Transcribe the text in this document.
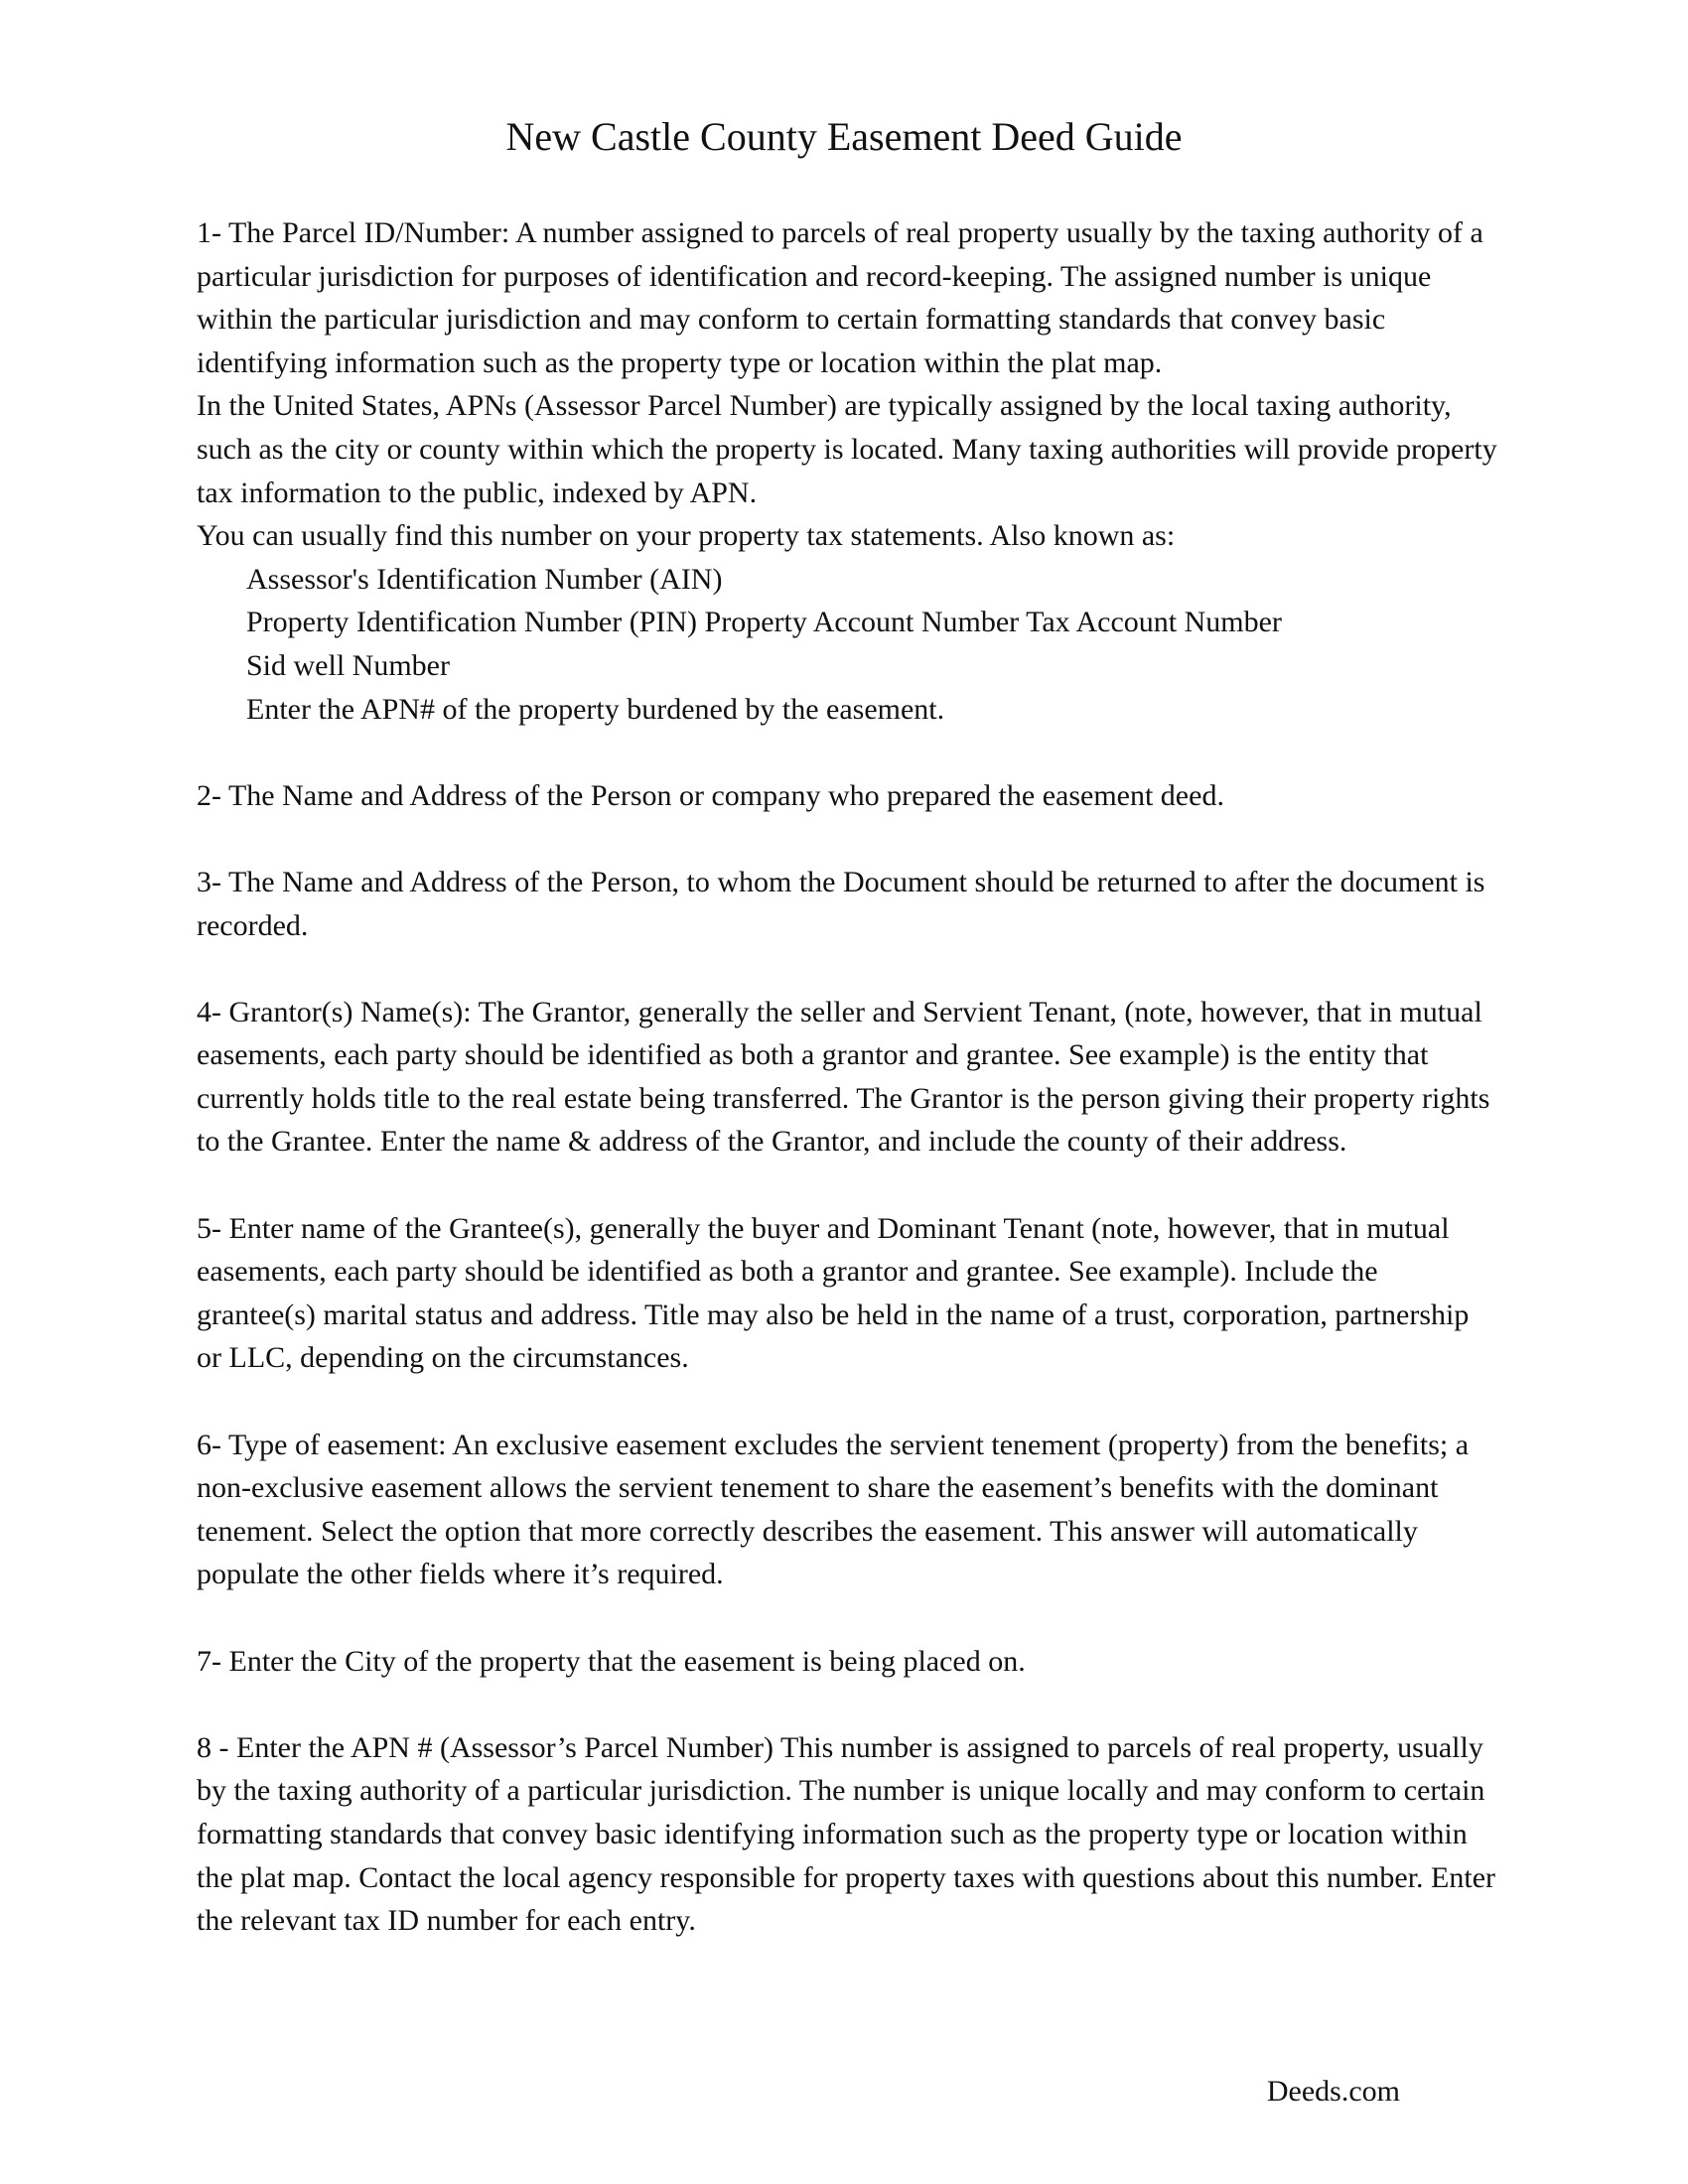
New Castle County Easement Deed Guide

1- The Parcel ID/Number: A number assigned to parcels of real property usually by the taxing authority of a particular jurisdiction for purposes of identification and record-keeping. The assigned number is unique within the particular jurisdiction and may conform to certain formatting standards that convey basic identifying information such as the property type or location within the plat map.

In the United States, APNs (Assessor Parcel Number) are typically assigned by the local taxing authority, such as the city or county within which the property is located. Many taxing authorities will provide property tax information to the public, indexed by APN.

You can usually find this number on your property tax statements. Also known as:

Assessor's Identification Number (AIN)

Property Identification Number (PIN) Property Account Number Tax Account Number

Sid well Number

Enter the APN# of the property burdened by the easement.

2- The Name and Address of the Person or company who prepared the easement deed.

3- The Name and Address of the Person, to whom the Document should be returned to after the document is recorded.

4- Grantor(s) Name(s): The Grantor, generally the seller and Servient Tenant, (note, however, that in mutual easements, each party should be identified as both a grantor and grantee. See example) is the entity that currently holds title to the real estate being transferred. The Grantor is the person giving their property rights to the Grantee. Enter the name & address of the Grantor, and include the county of their address.

5- Enter name of the Grantee(s), generally the buyer and Dominant Tenant (note, however, that in mutual easements, each party should be identified as both a grantor and grantee. See example). Include the grantee(s) marital status and address. Title may also be held in the name of a trust, corporation, partnership or LLC, depending on the circumstances.

6- Type of easement: An exclusive easement excludes the servient tenement (property) from the benefits; a non-exclusive easement allows the servient tenement to share the easement’s benefits with the dominant tenement. Select the option that more correctly describes the easement. This answer will automatically populate the other fields where it’s required.

7- Enter the City of the property that the easement is being placed on.

8 - Enter the APN # (Assessor’s Parcel Number) This number is assigned to parcels of real property, usually by the taxing authority of a particular jurisdiction. The number is unique locally and may conform to certain formatting standards that convey basic identifying information such as the property type or location within the plat map. Contact the local agency responsible for property taxes with questions about this number. Enter the relevant tax ID number for each entry.

Deeds.com
